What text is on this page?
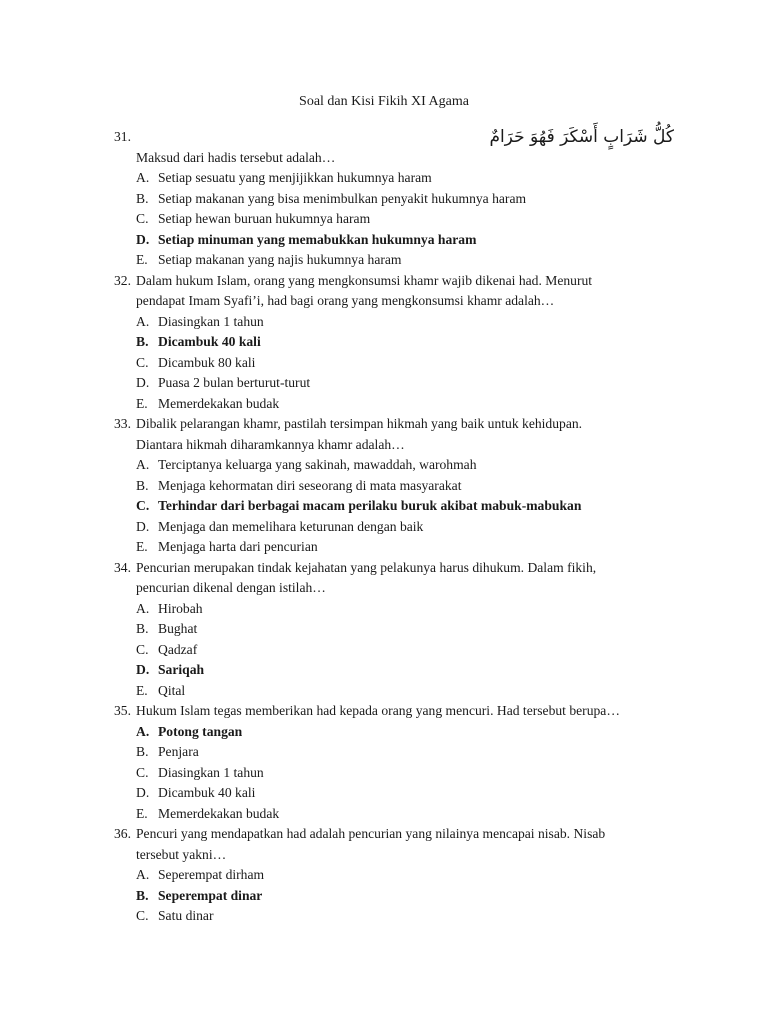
Soal dan Kisi Fikih XI Agama
31.	كُلُّ شَرَابٍ أَسْكَرَ فَهُوَ حَرَامٌ
Maksud dari hadis tersebut adalah…
A. Setiap sesuatu yang menjijikkan hukumnya haram
B. Setiap makanan yang bisa menimbulkan penyakit hukumnya haram
C. Setiap hewan buruan hukumnya haram
D. Setiap minuman yang memabukkan hukumnya haram
E. Setiap makanan yang najis hukumnya haram
32. Dalam hukum Islam, orang yang mengkonsumsi khamr wajib dikenai had. Menurut
pendapat Imam Syafi’i, had bagi orang yang mengkonsumsi khamr adalah…
A. Diasingkan 1 tahun
B. Dicambuk 40 kali
C. Dicambuk 80 kali
D. Puasa 2 bulan berturut-turut
E. Memerdekakan budak
33. Dibalik pelarangan khamr, pastilah tersimpan hikmah yang baik untuk kehidupan.
Diantara hikmah diharamkannya khamr adalah…
A. Terciptanya keluarga yang sakinah, mawaddah, warohmah
B. Menjaga kehormatan diri seseorang di mata masyarakat
C. Terhindar dari berbagai macam perilaku buruk akibat mabuk-mabukan
D. Menjaga dan memelihara keturunan dengan baik
E. Menjaga harta dari pencurian
34. Pencurian merupakan tindak kejahatan yang pelakunya harus dihukum. Dalam fikih,
pencurian dikenal dengan istilah…
A. Hirobah
B. Bughat
C. Qadzaf
D. Sariqah
E. Qital
35. Hukum Islam tegas memberikan had kepada orang yang mencuri. Had tersebut berupa…
A. Potong tangan
B. Penjara
C. Diasingkan 1 tahun
D. Dicambuk 40 kali
E. Memerdekakan budak
36. Pencuri yang mendapatkan had adalah pencurian yang nilainya mencapai nisab. Nisab
tersebut yakni…
A. Seperempat dirham
B. Seperempat dinar
C. Satu dinar
